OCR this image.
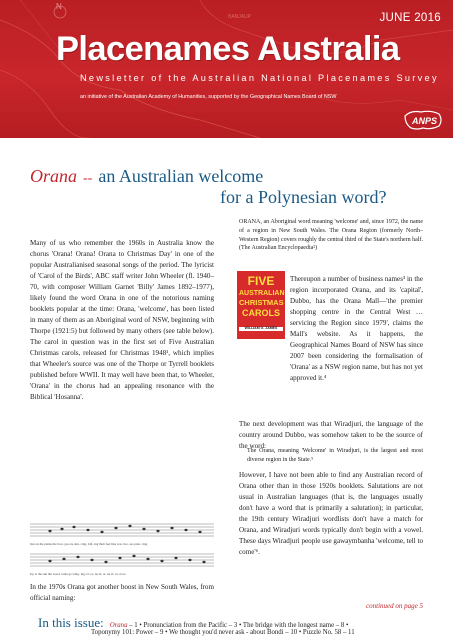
N
BANJAUP	JUNE 2016
Placenames Australia
Newsletter of the Australian National Placenames Survey
an initiative of the Australian Academy of Humanities, supported by the Geographical Names Board of NSW
ANPS
Orana -- an Australian welcome
for a Polynesian word?
Many of us who remember the 1960s in Australia know the chorus 'Orana! Orana! Orana to Christmas Day' in one of the popular Australianised seasonal songs of the period. The lyricist of 'Carol of the Birds', ABC staff writer John Wheeler (fl. 1940–70, with composer William Garnet 'Billy' James 1892–1977), likely found the word Orana in one of the notorious naming booklets popular at the time: Orana, 'welcome', has been listed in many of them as an Aboriginal word of NSW, beginning with Thorpe (1921:5) but followed by many others (see table below). The carol in question was in the first set of Five Australian Christmas carols, released for Christmas 1948¹, which implies that Wheeler's source was one of the Thorpe or Tyrrell booklets published before WWII. It may well have been that, to Wheeler, 'Orana' in the chorus had an appealing resonance with the Biblical 'Hosanna'.
Out on the plains the brol- gas are dan- cing, Lift- ing their feet like war- hor- ses pran- cing
Up to the sun the wood- larks go wing- ing, O- ra- na O- ra- na O- ra- na to
In the 1970s Orana got another boost in New South Wales, from official naming:
ORANA, an Aboriginal word meaning 'welcome' and, since 1972, the name of a region in New South Wales. The Orana Region (formerly North–Western Region) covers roughly the central third of the State's northern half. (The Australian Encyclopaedia²)
FIVE
AUSTRALIAN
CHRISTMAS
CAROLS
WILLIAM G. JAMES
Thereupon a number of business names³ in the region incorporated Orana, and its 'capital', Dubbo, has the Orana Mall—'the premier shopping centre in the Central West … servicing the Region since 1979', claims the Mall's website. As it happens, the Geographical Names Board of NSW has since 2007 been considering the formalisation of 'Orana' as a NSW region name, but has not yet approved it.⁴
The next development was that Wiradjuri, the language of the country around Dubbo, was somehow taken to be the source of the word:
The Orana, meaning 'Welcome' in Wiradjuri, is the largest and most diverse region in the State.⁵
However, I have not been able to find any Australian record of Orana other than in those 1920s booklets. Salutations are not usual in Australian languages (that is, the languages usually don't have a word that is primarily a salutation); in particular, the 19th century Wiradjuri wordlists don't have a match for Orana, and Wiradjuri words typically don't begin with a vowel. These days Wiradjuri people use gawaymbanha 'welcome, tell to come'⁶.
continued on page 5
In this issue: Orana – 1 • Pronunciation from the Pacific – 3 • The bridge with the longest name – 8 •
Toponymy 101: Power – 9 • We thought you'd never ask - about Bondi – 10 • Puzzle No. 58 – 11
